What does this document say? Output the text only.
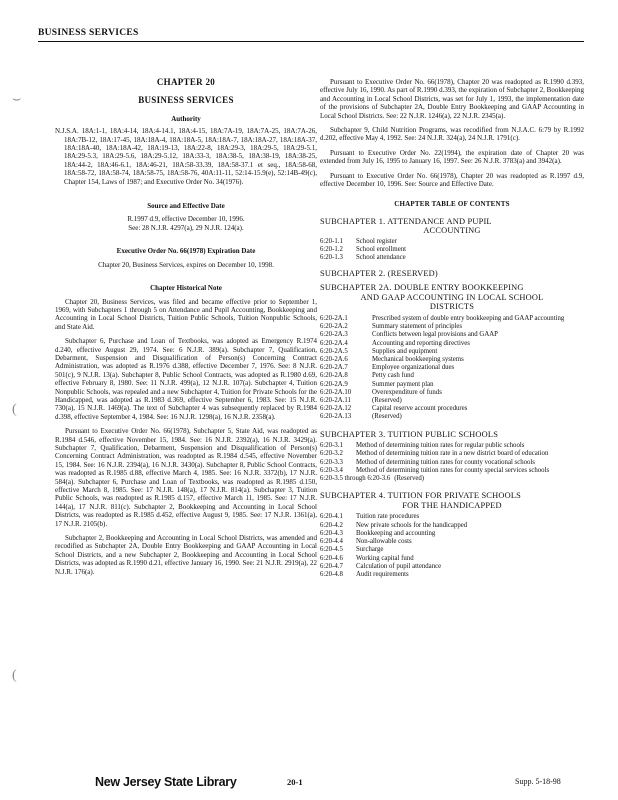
BUSINESS SERVICES
⌣
(
(
CHAPTER 20
BUSINESS SERVICES
Authority

N.J.S.A. 18A:1-1, 18A:4-14, 18A:4-14.1, 18A:4-15, 18A:7A-19, 18A:7A-25, 18A:7A-26, 18A:7B-12, 18A:17-45, 18A:18A-4, 18A:18A-5, 18A:18A-7, 18A:18A-27, 18A:18A-37, 18A:18A-40, 18A:18A-42, 18A:19-13, 18A:22-8, 18A:29-3, 18A:29-5, 18A:29-5.1, 18A:29-5.3, 18A:29-5.6, 18A:29-5.12, 18A:33-3, 18A:38-5, 18A:38-19, 18A:38-25, 18A:44-2, 18A:46-6.1, 18A:46-21, 18A:58-33.39, 18A:58-37.1 et seq., 18A:58-68, 18A:58-72, 18A:58-74, 18A:58-75, 18A:58-76, 40A:11-11, 52:14-15.9(e), 52:14B-49(c), Chapter 154, Laws of 1987; and Executive Order No. 34(1976).

Source and Effective Date
R.1997 d.9, effective December 10, 1996.
See: 28 N.J.R. 4297(a), 29 N.J.R. 124(a).
Executive Order No. 66(1978) Expiration Date
Chapter 20, Business Services, expires on December 10, 1998.
Chapter Historical Note

Chapter 20, Business Services, was filed and became effective prior to September 1, 1969, with Subchapters 1 through 5 on Attendance and Pupil Accounting, Bookkeeping and Accounting in Local School Districts, Tuition Public Schools, Tuition Nonpublic Schools, and State Aid.

Subchapter 6, Purchase and Loan of Textbooks, was adopted as Emergency R.1974 d.240, effective August 29, 1974. See: 6 N.J.R. 389(a). Subchapter 7, Qualification, Debarment, Suspension and Disqualification of Person(s) Concerning Contract Administration, was adopted as R.1976 d.388, effective December 7, 1976. See: 8 N.J.R. 501(c), 9 N.J.R. 13(a). Subchapter 8, Public School Contracts, was adopted as R.1980 d.69, effective February 8, 1980. See: 11 N.J.R. 499(a), 12 N.J.R. 107(a). Subchapter 4, Tuition Nonpublic Schools, was repealed and a new Subchapter 4, Tuition for Private Schools for the Handicapped, was adopted as R.1983 d.369, effective September 6, 1983. See: 15 N.J.R. 730(a), 15 N.J.R. 1469(a). The text of Subchapter 4 was subsequently replaced by R.1984 d.398, effective September 4, 1984. See: 16 N.J.R. 1298(a), 16 N.J.R. 2358(a).

Pursuant to Executive Order No. 66(1978), Subchapter 5, State Aid, was readopted as R.1984 d.546, effective November 15, 1984. See: 16 N.J.R. 2392(a), 16 N.J.R. 3429(a). Subchapter 7, Qualification, Debarment, Suspension and Disqualification of Person(s) Concerning Contract Administration, was readopted as R.1984 d.545, effective November 15, 1984. See: 16 N.J.R. 2394(a), 16 N.J.R. 3430(a). Subchapter 8, Public School Contracts, was readopted as R.1985 d.88, effective March 4, 1985. See: 16 N.J.R. 3372(b), 17 N.J.R. 584(a). Subchapter 6, Purchase and Loan of Textbooks, was readopted as R.1985 d.150, effective March 8, 1985. See: 17 N.J.R. 148(a), 17 N.J.R. 814(a). Subchapter 3, Tuition Public Schools, was readopted as R.1985 d.157, effective March 11, 1985. See: 17 N.J.R. 144(a), 17 N.J.R. 811(c). Subchapter 2, Bookkeeping and Accounting in Local School Districts, was readopted as R.1985 d.452, effective August 9, 1985. See: 17 N.J.R. 1361(a), 17 N.J.R. 2105(b).

Subchapter 2, Bookkeeping and Accounting in Local School Districts, was amended and recodified as Subchapter 2A, Double Entry Bookkeeping and GAAP Accounting in Local School Districts, and a new Subchapter 2, Bookkeeping and Accounting in Local School Districts, was adopted as R.1990 d.21, effective January 16, 1990. See: 21 N.J.R. 2919(a), 22 N.J.R. 176(a).

Pursuant to Executive Order No. 66(1978), Chapter 20 was readopted as R.1990 d.393, effective July 16, 1990. As part of R.1990 d.393, the expiration of Subchapter 2, Bookkeeping and Accounting in Local School Districts, was set for July 1, 1993, the implementation date of the provisions of Subchapter 2A, Double Entry Bookkeeping and GAAP Accounting in Local School Districts. See: 22 N.J.R. 1246(a), 22 N.J.R. 2345(a).

Subchapter 9, Child Nutrition Programs, was recodified from N.J.A.C. 6:79 by R.1992 d.202, effective May 4, 1992. See: 24 N.J.R. 324(a), 24 N.J.R. 1791(c).

Pursuant to Executive Order No. 22(1994), the expiration date of Chapter 20 was extended from July 16, 1995 to January 16, 1997. See: 26 N.J.R. 3783(a) and 3942(a).

Pursuant to Executive Order No. 66(1978), Chapter 20 was readopted as R.1997 d.9, effective December 10, 1996. See: Source and Effective Date.

CHAPTER TABLE OF CONTENTS
SUBCHAPTER 1. ATTENDANCE AND PUPIL
ACCOUNTING
6:20-1.1	School register
6:20-1.2	School enrollment
6:20-1.3	School attendance
SUBCHAPTER 2. (RESERVED)
SUBCHAPTER 2A. DOUBLE ENTRY BOOKKEEPING
AND GAAP ACCOUNTING IN LOCAL SCHOOL
DISTRICTS
6:20-2A.1	Prescribed system of double entry bookkeeping and GAAP accounting
6:20-2A.2	Summary statement of principles
6:20-2A.3	Conflicts between legal provisions and GAAP
6:20-2A.4	Accounting and reporting directives
6:20-2A.5	Supplies and equipment
6:20-2A.6	Mechanical bookkeeping systems
6:20-2A.7	Employee organizational dues
6:20-2A.8	Petty cash fund
6:20-2A.9	Summer payment plan
6:20-2A.10	Overexpenditure of funds
6:20-2A.11	(Reserved)
6:20-2A.12	Capital reserve account procedures
6:20-2A.13	(Reserved)
SUBCHAPTER 3. TUITION PUBLIC SCHOOLS
6:20-3.1	Method of determining tuition rates for regular public schools
6:20-3.2	Method of determining tuition rate in a new district board of education
6:20-3.3	Method of determining tuition rates for county vocational schools
6:20-3.4	Method of determining tuition rates for county special services schools
6:20-3.5 through 6:20-3.6 (Reserved)
SUBCHAPTER 4. TUITION FOR PRIVATE SCHOOLS
FOR THE HANDICAPPED
6:20-4.1	Tuition rate procedures
6:20-4.2	New private schools for the handicapped
6:20-4.3	Bookkeeping and accounting
6:20-4.4	Non-allowable costs
6:20-4.5	Surcharge
6:20-4.6	Working capital fund
6:20-4.7	Calculation of pupil attendance
6:20-4.8	Audit requirements
New Jersey State Library	20-1	Supp. 5-18-98
